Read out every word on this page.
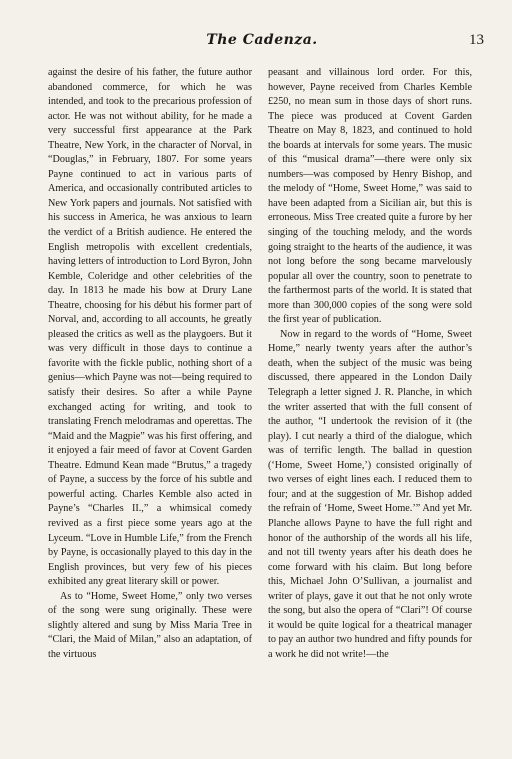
The Cadenza.	13

against the desire of his father, the future author abandoned commerce, for which he was intended, and took to the precarious profession of actor. He was not without ability, for he made a very successful first appearance at the Park Theatre, New York, in the character of Norval, in “Douglas,” in February, 1807. For some years Payne continued to act in various parts of America, and occasionally contributed articles to New York papers and journals. Not satisfied with his success in America, he was anxious to learn the verdict of a British audience. He entered the English metropolis with excellent credentials, having letters of introduction to Lord Byron, John Kemble, Coleridge and other celebrities of the day. In 1813 he made his bow at Drury Lane Theatre, choosing for his début his former part of Norval, and, according to all accounts, he greatly pleased the critics as well as the playgoers. But it was very difficult in those days to continue a favorite with the fickle public, nothing short of a genius—which Payne was not—being required to satisfy their desires. So after a while Payne exchanged acting for writing, and took to translating French melodramas and operettas. The “Maid and the Magpie” was his first offering, and it enjoyed a fair meed of favor at Covent Garden Theatre. Edmund Kean made “Brutus,” a tragedy of Payne, a success by the force of his subtle and powerful acting. Charles Kemble also acted in Payne’s “Charles II.,” a whimsical comedy revived as a first piece some years ago at the Lyceum. “Love in Humble Life,” from the French by Payne, is occasionally played to this day in the English provinces, but very few of his pieces exhibited any great literary skill or power.

As to “Home, Sweet Home,” only two verses of the song were sung originally. These were slightly altered and sung by Miss Maria Tree in “Clari, the Maid of Milan,” also an adaptation, of the virtuous

peasant and villainous lord order. For this, however, Payne received from Charles Kemble £250, no mean sum in those days of short runs. The piece was produced at Covent Garden Theatre on May 8, 1823, and continued to hold the boards at intervals for some years. The music of this “musical drama”—there were only six numbers—was composed by Henry Bishop, and the melody of “Home, Sweet Home,” was said to have been adapted from a Sicilian air, but this is erroneous. Miss Tree created quite a furore by her singing of the touching melody, and the words going straight to the hearts of the audience, it was not long before the song became marvelously popular all over the country, soon to penetrate to the farthermost parts of the world. It is stated that more than 300,000 copies of the song were sold the first year of publication.

Now in regard to the words of “Home, Sweet Home,” nearly twenty years after the author’s death, when the subject of the music was being discussed, there appeared in the London Daily Telegraph a letter signed J. R. Planche, in which the writer asserted that with the full consent of the author, “I undertook the revision of it (the play). I cut nearly a third of the dialogue, which was of terrific length. The ballad in question (‘Home, Sweet Home,’) consisted originally of two verses of eight lines each. I reduced them to four; and at the suggestion of Mr. Bishop added the refrain of ‘Home, Sweet Home.’” And yet Mr. Planche allows Payne to have the full right and honor of the authorship of the words all his life, and not till twenty years after his death does he come forward with his claim. But long before this, Michael John O’Sullivan, a journalist and writer of plays, gave it out that he not only wrote the song, but also the opera of “Clari”! Of course it would be quite logical for a theatrical manager to pay an author two hundred and fifty pounds for a work he did not write!—the
